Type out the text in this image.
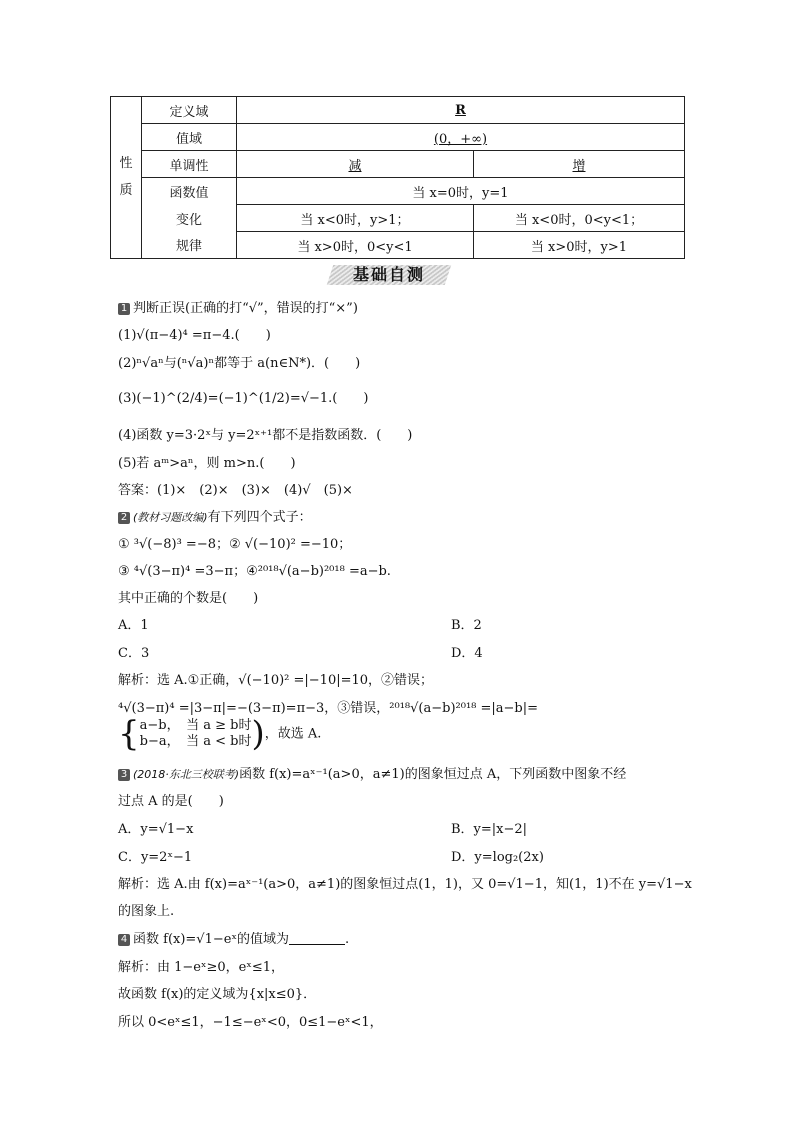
	定义域	R	
	值域	(0，+∞)	
性	单调性	减	增
质	函数值	当 x=0时，y=1	
	变化	当 x<0时，y>1；	当 x<0时，0<y<1；
	规律	当 x>0时，0<y<1	当 x>0时，y>1
基础自测
1 判断正误(正确的打“√”，错误的打“×”)
(1)√(π−4)⁴ =π−4.(　　)
(2)ⁿ√aⁿ与(ⁿ√a)ⁿ都等于 a(n∈N*)．(　　)
(3)(−1)^(2/4)=(−1)^(1/2)=√−1.(　　)
(4)函数 y=3·2ˣ与 y=2ˣ⁺¹都不是指数函数．(　　)
(5)若 aᵐ>aⁿ，则 m>n.(　　)
答案：(1)×　(2)×　(3)×　(4)√　(5)×
2 (教材习题改编)有下列四个式子：
① ³√(−8)³ =−8；② √(−10)² =−10；
③ ⁴√(3−π)⁴ =3−π；④²⁰¹⁸√(a−b)²⁰¹⁸ =a−b.
其中正确的个数是(　　)
A．1	B．2
C．3	D．4
解析：选 A.①正确，√(−10)² =|−10|=10，②错误；
⁴√(3−π)⁴ =|3−π|=−(3−π)=π−3，③错误，²⁰¹⁸√(a−b)²⁰¹⁸ =|a−b|=
{a−b，　当 a ≥ b时
b−a，　当 a < b时)，故选 A.
3 (2018·东北三校联考)函数 f(x)=aˣ⁻¹(a>0，a≠1)的图象恒过点 A，下列函数中图象不经
过点 A 的是(　　)
A．y=√1−x	B．y=|x−2|
C．y=2ˣ−1	D．y=log₂(2x)
解析：选 A.由 f(x)=aˣ⁻¹(a>0，a≠1)的图象恒过点(1，1)，又 0=√1−1，知(1，1)不在 y=√1−x
的图象上.
4 函数 f(x)=√1−eˣ的值域为	.
解析：由 1−eˣ≥0，eˣ≤1，
故函数 f(x)的定义域为{x|x≤0}．
所以 0<eˣ≤1，−1≤−eˣ<0，0≤1−eˣ<1，
